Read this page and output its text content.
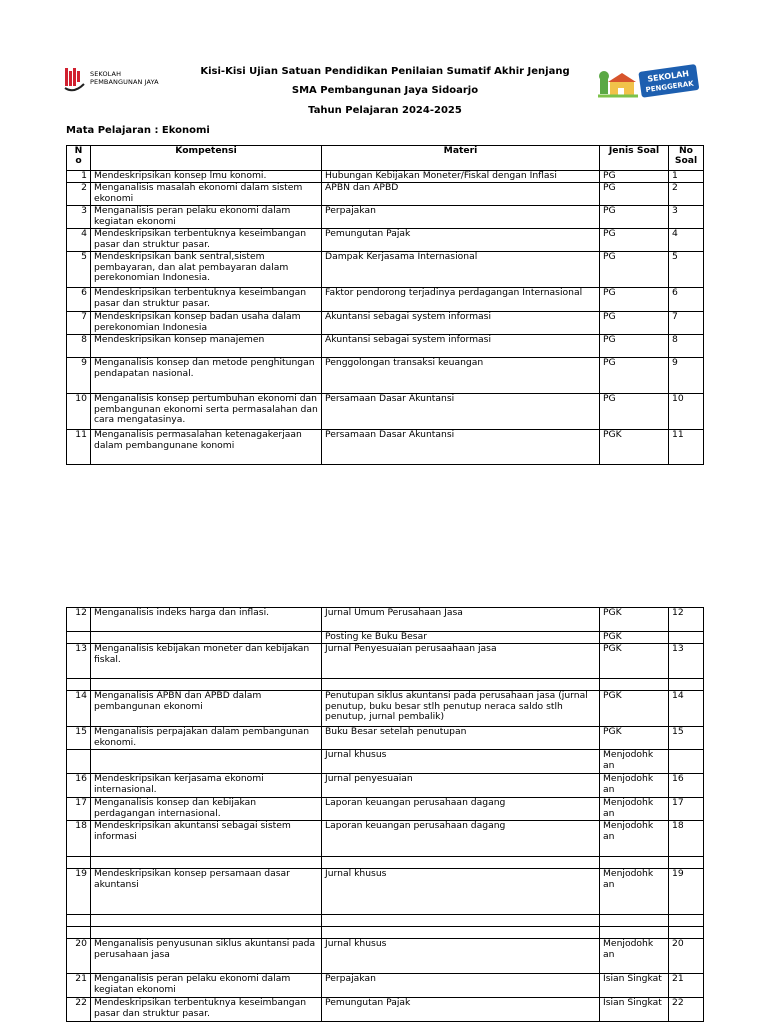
SEKOLAH
PEMBANGUNAN JAYA
Kisi-Kisi Ujian Satuan Pendidikan Penilaian Sumatif Akhir Jenjang
SMA Pembangunan Jaya Sidoarjo
Tahun Pelajaran 2024-2025
SEKOLAH
PENGGERAK
Mata Pelajaran : Ekonomi
N o	Kompetensi	Materi	Jenis Soal	No Soal
1	Mendeskripsikan konsep lmu konomi.	Hubungan Kebijakan Moneter/Fiskal dengan Inflasi	PG	1
2	Menganalisis masalah ekonomi dalam sistem ekonomi	APBN dan APBD	PG	2
3	Menganalisis peran pelaku ekonomi dalam kegiatan ekonomi	Perpajakan	PG	3
4	Mendeskripsikan terbentuknya keseimbangan pasar dan struktur pasar.	Pemungutan Pajak	PG	4
5	Mendeskripsikan bank sentral,sistem pembayaran, dan alat pembayaran dalam perekonomian Indonesia.	Dampak Kerjasama Internasional	PG	5
6	Mendeskripsikan terbentuknya keseimbangan pasar dan struktur pasar.	Faktor pendorong terjadinya perdagangan Internasional	PG	6
7	Mendeskripsikan konsep badan usaha dalam perekonomian Indonesia	Akuntansi sebagai system informasi	PG	7
8	Mendeskripsikan konsep manajemen	Akuntansi sebagai system informasi	PG	8
9	Menganalisis konsep dan metode penghitungan pendapatan nasional.	Penggolongan transaksi keuangan	PG	9
10	Menganalisis konsep pertumbuhan ekonomi dan pembangunan ekonomi serta permasalahan dan cara mengatasinya.	Persamaan Dasar Akuntansi	PG	10
11	Menganalisis permasalahan ketenagakerjaan dalam pembangunane konomi	Persamaan Dasar Akuntansi	PGK	11
12	Menganalisis indeks harga dan inflasi.	Jurnal Umum Perusahaan Jasa	PGK	12
		Posting ke Buku Besar	PGK	
13	Menganalisis kebijakan moneter dan kebijakan fiskal.	Jurnal Penyesuaian perusaahaan jasa	PGK	13

14	Menganalisis APBN dan APBD dalam pembangunan ekonomi	Penutupan siklus akuntansi pada perusahaan jasa (jurnal penutup, buku besar stlh penutup neraca saldo stlh penutup, jurnal pembalik)	PGK	14
15	Menganalisis perpajakan dalam pembangunan ekonomi.	Buku Besar setelah penutupan	PGK	15
		Jurnal khusus	Menjodohk an	
16	Mendeskripsikan kerjasama ekonomi internasional.	Jurnal penyesuaian	Menjodohk an	16
17	Menganalisis konsep dan kebijakan perdagangan internasional.	Laporan keuangan perusahaan dagang	Menjodohk an	17
18	Mendeskripsikan akuntansi sebagai sistem informasi	Laporan keuangan perusahaan dagang	Menjodohk an	18

19	Mendeskripsikan konsep persamaan dasar akuntansi	Jurnal khusus	Menjodohk an	19

20	Menganalisis penyusunan siklus akuntansi pada perusahaan jasa	Jurnal khusus	Menjodohk an	20
21	Menganalisis peran pelaku ekonomi dalam kegiatan ekonomi	Perpajakan	Isian Singkat	21
22	Mendeskripsikan terbentuknya keseimbangan pasar dan struktur pasar.	Pemungutan Pajak	Isian Singkat	22
